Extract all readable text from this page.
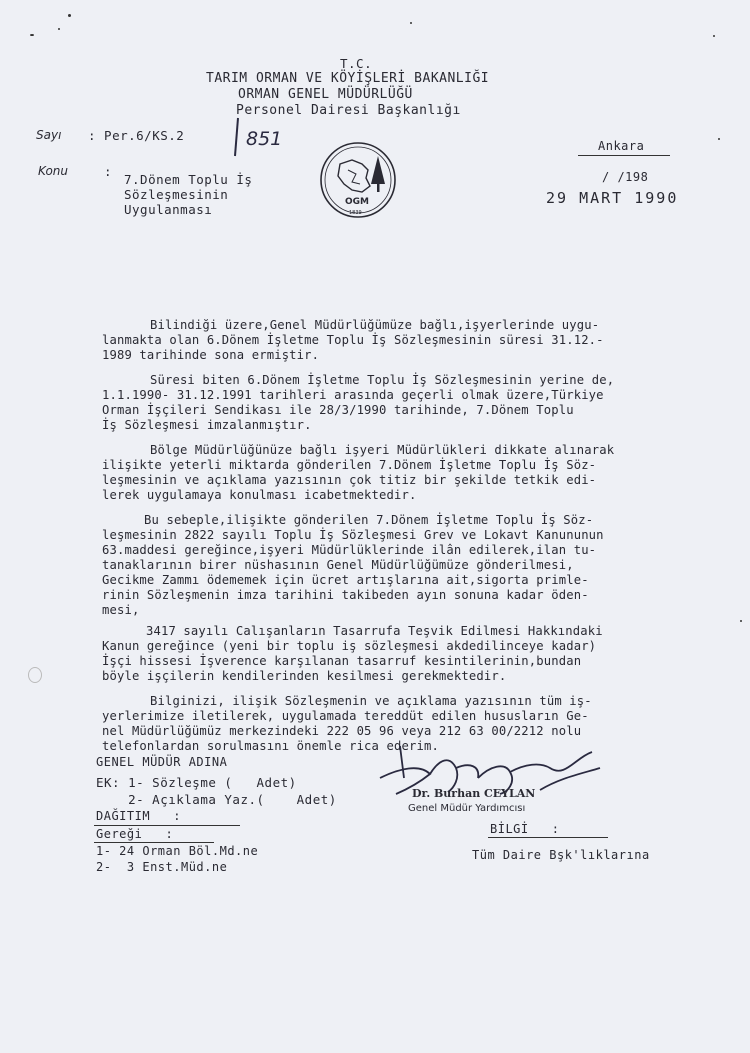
T.C.
TARIM ORMAN VE KÖYİŞLERİ BAKANLIĞI
ORMAN GENEL MÜDÜRLÜĞÜ
Personel Dairesi Başkanlığı
Sayı : Per.6/KS.2	851
Konu	:
7.Dönem Toplu İş
Sözleşmesinin
Uygulanması	OGM
1839
Ankara
/ /198
29 MART 1990
Bilindiği üzere,Genel Müdürlüğümüze bağlı,işyerlerinde uygu-
lanmakta olan 6.Dönem İşletme Toplu İş Sözleşmesinin süresi 31.12.-
1989 tarihinde sona ermiştir.
Süresi biten 6.Dönem İşletme Toplu İş Sözleşmesinin yerine de,
1.1.1990- 31.12.1991 tarihleri arasında geçerli olmak üzere,Türkiye
Orman İşçileri Sendikası ile 28/3/1990 tarihinde, 7.Dönem Toplu
İş Sözleşmesi imzalanmıştır.
Bölge Müdürlüğünüze bağlı işyeri Müdürlükleri dikkate alınarak
ilişikte yeterli miktarda gönderilen 7.Dönem İşletme Toplu İş Söz-
leşmesinin ve açıklama yazısının çok titiz bir şekilde tetkik edi-
lerek uygulamaya konulması icabetmektedir.
Bu sebeple,ilişikte gönderilen 7.Dönem İşletme Toplu İş Söz-
leşmesinin 2822 sayılı Toplu İş Sözleşmesi Grev ve Lokavt Kanununun
63.maddesi gereğince,işyeri Müdürlüklerinde ilân edilerek,ilan tu-
tanaklarının birer nüshasının Genel Müdürlüğümüze gönderilmesi,
Gecikme Zammı ödememek için ücret artışlarına ait,sigorta primle-
rinin Sözleşmenin imza tarihini takibeden ayın sonuna kadar öden-
mesi,
3417 sayılı Calışanların Tasarrufa Teşvik Edilmesi Hakkındaki
Kanun gereğince (yeni bir toplu iş sözleşmesi akdedilinceye kadar)
İşçi hissesi İşverence karşılanan tasarruf kesintilerinin,bundan
böyle işçilerin kendilerinden kesilmesi gerekmektedir.
Bilginizi, ilişik Sözleşmenin ve açıklama yazısının tüm iş-
yerlerimize iletilerek, uygulamada tereddüt edilen hususların Ge-
nel Müdürlüğümüz merkezindeki 222 05 96 veya 212 63 00/2212 nolu
telefonlardan sorulmasını önemle rica ederim.
GENEL MÜDÜR ADINA
EK: 1- Sözleşme (   Adet)
2- Açıklama Yaz.(    Adet)	Dr. Burhan CEYLAN
Genel Müdür Yardımcısı
DAĞITIM   :
Gereği   :
1- 24 Orman Böl.Md.ne
2-  3 Enst.Müd.ne
BİLGİ   :
Tüm Daire Bşk'lıklarına
